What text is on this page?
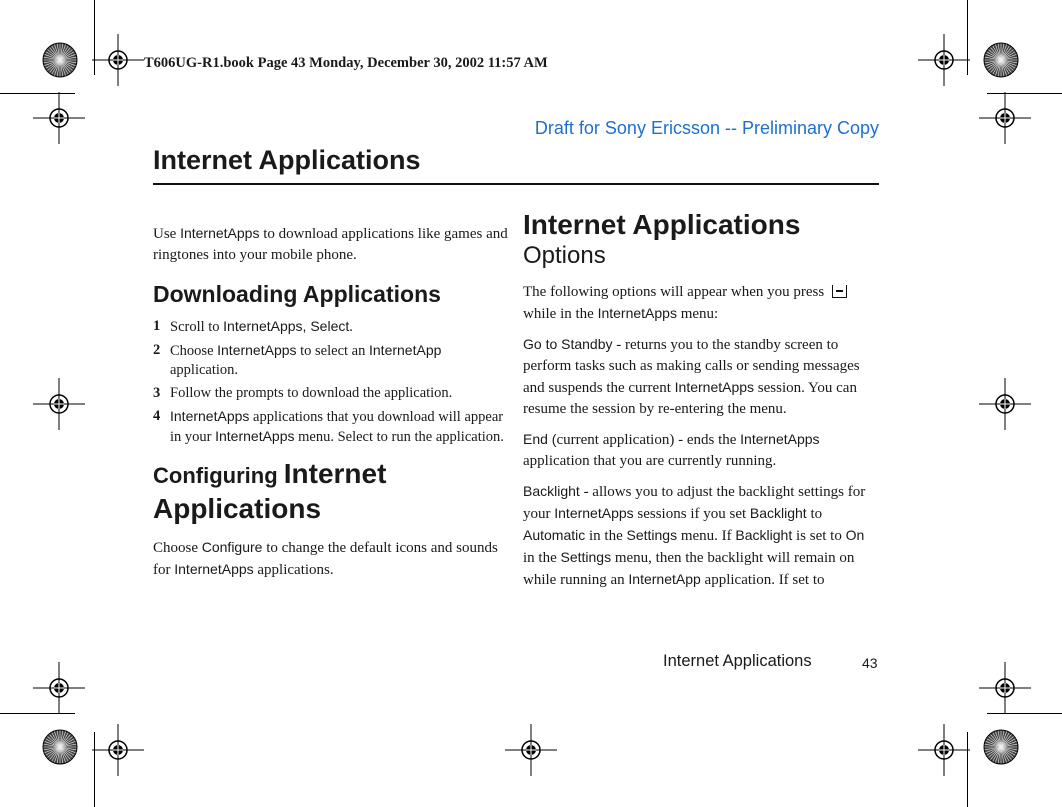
T606UG-R1.book Page 43 Monday, December 30, 2002 11:57 AM
Draft for Sony Ericsson -- Preliminary Copy
Internet Applications

Use InternetApps to download applications like games and ringtones into your mobile phone.

Downloading Applications
1 Scroll to InternetApps, Select.
2 Choose InternetApps to select an InternetApp application.
3 Follow the prompts to download the application.
4 InternetApps applications that you download will appear in your InternetApps menu. Select to run the application.
Configuring Internet Applications

Choose Configure to change the default icons and sounds for InternetApps applications.

Internet Applications
Options

The following options will appear when you press  while in the InternetApps menu:

Go to Standby - returns you to the standby screen to perform tasks such as making calls or sending messages and suspends the current InternetApps session. You can resume the session by re-entering the menu.

End (current application) - ends the InternetApps application that you are currently running.

Backlight - allows you to adjust the backlight settings for your InternetApps sessions if you set Backlight to Automatic in the Settings menu. If Backlight is set to On in the Settings menu, then the backlight will remain on while running an InternetApp application. If set to

Internet Applications	43
